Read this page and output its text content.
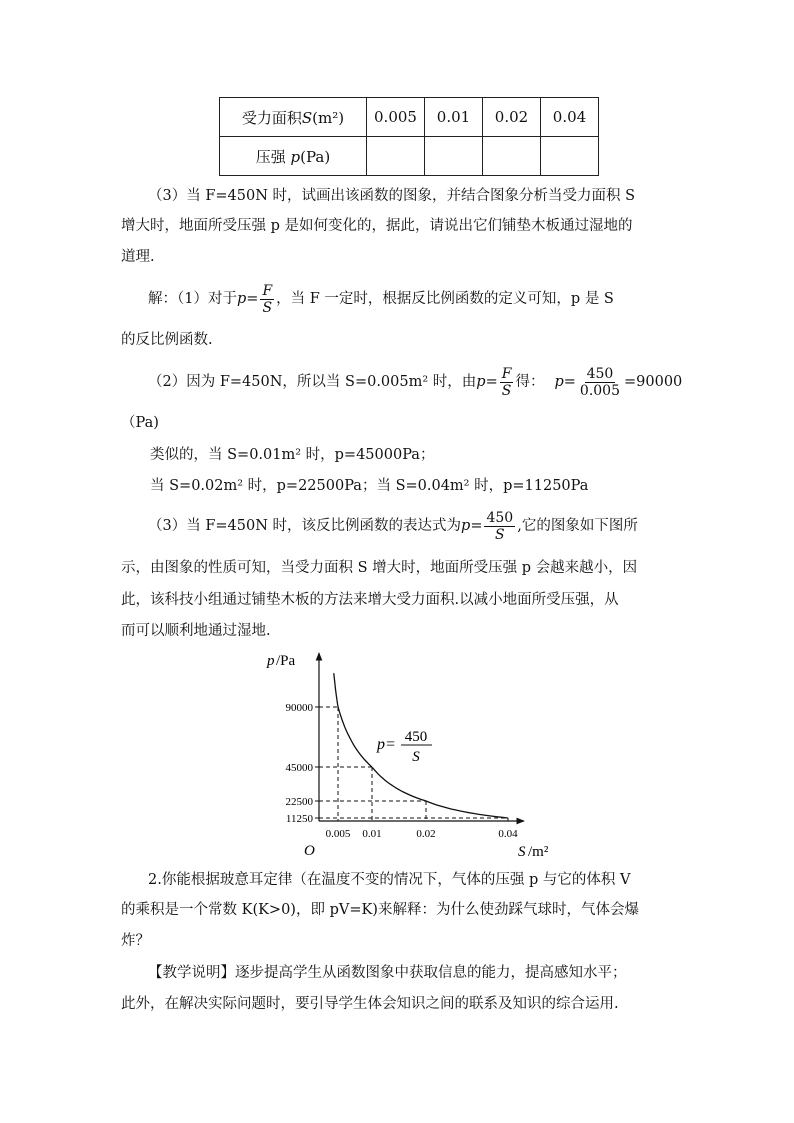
受力面积S(m²)	0.005	0.01	0.02	0.04
压强 p(Pa)				
（3）当 F=450N 时，试画出该函数的图象，并结合图象分析当受力面积 S
增大时，地面所受压强 p 是如何变化的，据此，请说出它们铺垫木板通过湿地的
道理.
解：（1）对于 $p = \frac{F}{S}$ ，当 F 一定时，根据反比例函数的定义可知，p 是 S
的反比例函数.
（2）因为 F=450N，所以当 S=0.005m² 时，由 $p = \frac{F}{S}$ 得： $p = \frac{450}{0.005} =90000$
（Pa)
类似的，当 S=0.01m² 时，p=45000Pa；
当 S=0.02m² 时，p=22500Pa；当 S=0.04m² 时，p=11250Pa
（3）当 F=450N 时，该反比例函数的表达式为 $p = \frac{450}{S}$ ,它的图象如下图所
示，由图象的性质可知，当受力面积 S 增大时，地面所受压强 p 会越来越小，因
此，该科技小组通过铺垫木板的方法来增大受力面积.以减小地面所受压强，从
而可以顺利地通过湿地.
p /Pa
S /m²
O
90000
0.005
45000
0.01
22500
0.02
11250
0.04
p= 450
S
2.你能根据玻意耳定律（在温度不变的情况下，气体的压强 p 与它的体积 V
的乘积是一个常数 K(K>0)，即 pV=K)来解释：为什么使劲踩气球时，气体会爆
炸？
【教学说明】逐步提高学生从函数图象中获取信息的能力，提高感知水平；
此外，在解决实际问题时，要引导学生体会知识之间的联系及知识的综合运用.
